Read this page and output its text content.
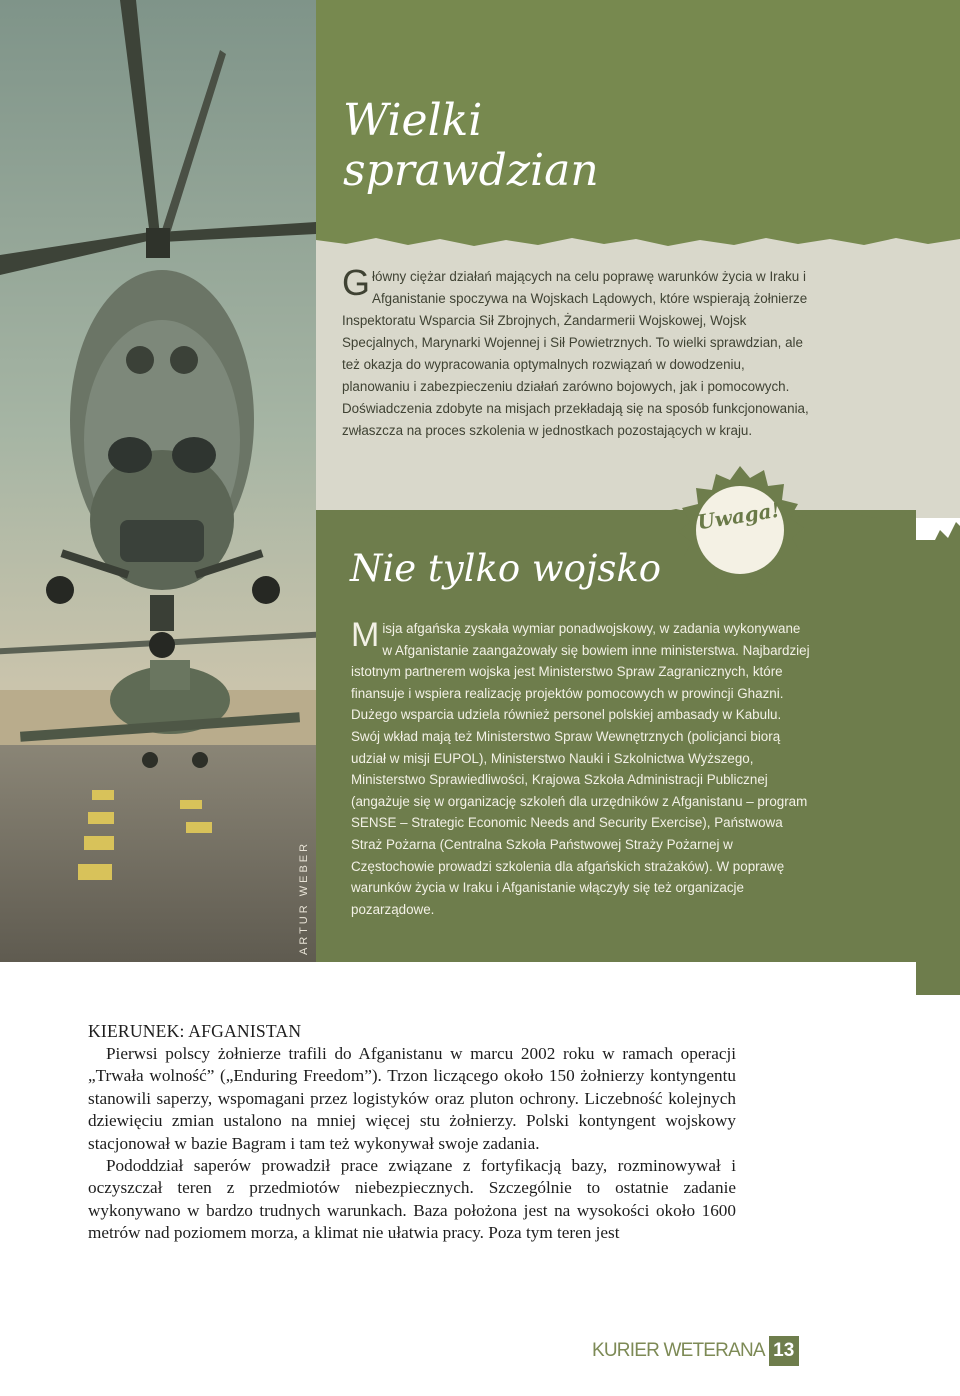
ARTUR WEBER
Wielki
sprawdzian

Główny ciężar działań mających na celu poprawę warunków życia w Iraku i Afganistanie spoczywa na Wojskach Lądowych, które wspierają żołnierze Inspektoratu Wsparcia Sił Zbrojnych, Żandarmerii Wojskowej, Wojsk Specjalnych, Marynarki Wojennej i Sił Powietrznych. To wielki sprawdzian, ale też okazja do wypracowania optymalnych rozwiązań w dowodzeniu, planowaniu i zabezpieczeniu działań zarówno bojowych, jak i pomocowych. Doświadczenia zdobyte na misjach przekładają się na sposób funkcjonowania, zwłaszcza na proces szkolenia w jednostkach pozostających w kraju.

Nie tylko wojsko
Uwaga!

Misja afgańska zyskała wymiar ponadwojskowy, w zadania wykonywane w Afganistanie zaangażowały się bowiem inne ministerstwa. Najbardziej istotnym partnerem wojska jest Ministerstwo Spraw Zagranicznych, które finansuje i wspiera realizację projektów pomocowych w prowincji Ghazni. Dużego wsparcia udziela również personel polskiej ambasady w Kabulu. Swój wkład mają też Ministerstwo Spraw Wewnętrznych (policjanci biorą udział w misji EUPOL), Ministerstwo Nauki i Szkolnictwa Wyższego, Ministerstwo Sprawiedliwości, Krajowa Szkoła Administracji Publicznej (angażuje się w organizację szkoleń dla urzędników z Afganistanu – program SENSE – Strategic Economic Needs and Security Exercise), Państwowa Straż Pożarna (Centralna Szkoła Państwowej Straży Pożarnej w Częstochowie prowadzi szkolenia dla afgańskich strażaków). W poprawę warunków życia w Iraku i Afganistanie włączyły się też organizacje pozarządowe.

KIERUNEK: AFGANISTAN

Pierwsi polscy żołnierze trafili do Afganistanu w marcu 2002 roku w ramach operacji „Trwała wolność” („Enduring Freedom”). Trzon liczącego około 150 żołnierzy kontyngentu stanowili saperzy, wspomagani przez logistyków oraz pluton ochrony. Liczebność kolejnych dziewięciu zmian ustalono na mniej więcej stu żołnierzy. Polski kontyngent wojskowy stacjonował w bazie Bagram i tam też wykonywał swoje zadania.

Pododdział saperów prowadził prace związane z fortyfikacją bazy, rozminowywał i oczyszczał teren z przedmiotów niebezpiecznych. Szczególnie to ostatnie zadanie wykonywano w bardzo trudnych warunkach. Baza położona jest na wysokości około 1600 metrów nad poziomem morza, a klimat nie ułatwia pracy. Poza tym teren jest

KURIER WETERANA 13
